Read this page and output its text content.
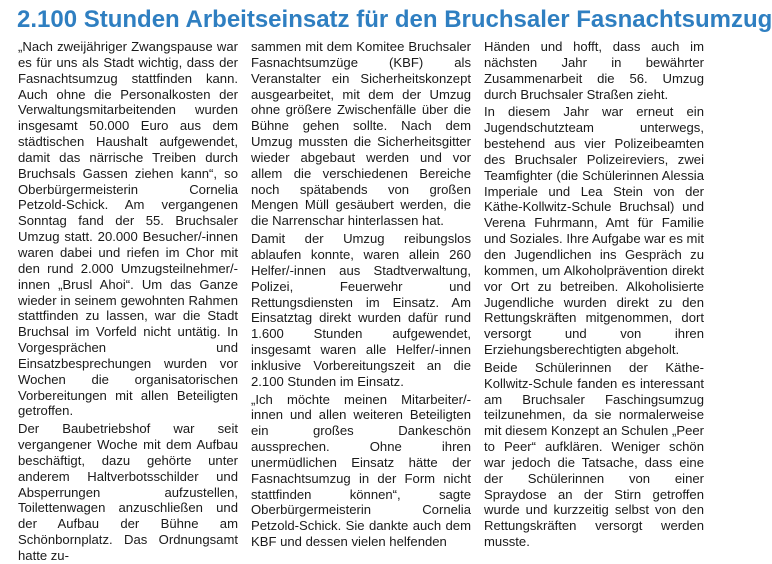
2.100 Stunden Arbeitseinsatz für den Bruchsaler Fasnachtsumzug

„Nach zweijähriger Zwangspause war es für uns als Stadt wichtig, dass der Fasnachtsumzug stattfinden kann. Auch ohne die Personalkosten der Verwaltungsmitarbeitenden wurden insgesamt 50.000 Euro aus dem städtischen Haushalt aufgewendet, damit das närrische Treiben durch Bruchsals Gassen ziehen kann“, so Oberbürgermeisterin Cornelia Petzold-Schick. Am vergangenen Sonntag fand der 55. Bruchsaler Umzug statt. 20.000 Besucher/-innen waren dabei und riefen im Chor mit den rund 2.000 Umzugsteilnehmer/-innen „Brusl Ahoi“. Um das Ganze wieder in seinem gewohnten Rahmen stattfinden zu lassen, war die Stadt Bruchsal im Vorfeld nicht untätig. In Vorgesprächen und Einsatzbesprechungen wurden vor Wochen die organisatorischen Vorbereitungen mit allen Beteiligten getroffen.

Der Baubetriebshof war seit vergangener Woche mit dem Aufbau beschäftigt, dazu gehörte unter anderem Haltverbotsschilder und Absperrungen aufzustellen, Toilettenwagen anzuschließen und der Aufbau der Bühne am Schönbornplatz. Das Ordnungsamt hatte zu-

sammen mit dem Komitee Bruchsaler Fasnachtsumzüge (KBF) als Veranstalter ein Sicherheitskonzept ausgearbeitet, mit dem der Umzug ohne größere Zwischenfälle über die Bühne gehen sollte. Nach dem Umzug mussten die Sicherheitsgitter wieder abgebaut werden und vor allem die verschiedenen Bereiche noch spätabends von großen Mengen Müll gesäubert werden, die die Narrenschar hinterlassen hat.

Damit der Umzug reibungslos ablaufen konnte, waren allein 260 Helfer/-innen aus Stadtverwaltung, Polizei, Feuerwehr und Rettungsdiensten im Einsatz. Am Einsatztag direkt wurden dafür rund 1.600 Stunden aufgewendet, insgesamt waren alle Helfer/-innen inklusive Vorbereitungszeit an die 2.100 Stunden im Einsatz.

„Ich möchte meinen Mitarbeiter/-innen und allen weiteren Beteiligten ein großes Dankeschön aussprechen. Ohne ihren unermüdlichen Einsatz hätte der Fasnachtsumzug in der Form nicht stattfinden können“, sagte Oberbürgermeisterin Cornelia Petzold-Schick. Sie dankte auch dem KBF und dessen vielen helfenden

Händen und hofft, dass auch im nächsten Jahr in bewährter Zusammenarbeit die 56. Umzug durch Bruchsaler Straßen zieht.

In diesem Jahr war erneut ein Jugendschutzteam unterwegs, bestehend aus vier Polizeibeamten des Bruchsaler Polizeireviers, zwei Teamfighter (die Schülerinnen Alessia Imperiale und Lea Stein von der Käthe-Kollwitz-Schule Bruchsal) und Verena Fuhrmann, Amt für Familie und Soziales. Ihre Aufgabe war es mit den Jugendlichen ins Gespräch zu kommen, um Alkoholprävention direkt vor Ort zu betreiben. Alkoholisierte Jugendliche wurden direkt zu den Rettungskräften mitgenommen, dort versorgt und von ihren Erziehungsberechtigten abgeholt.

Beide Schülerinnen der Käthe-Kollwitz-Schule fanden es interessant am Bruchsaler Faschingsumzug teilzunehmen, da sie normalerweise mit diesem Konzept an Schulen „Peer to Peer“ aufklären. Weniger schön war jedoch die Tatsache, dass eine der Schülerinnen von einer Spraydose an der Stirn getroffen wurde und kurzzeitig selbst von den Rettungskräften versorgt werden musste.
